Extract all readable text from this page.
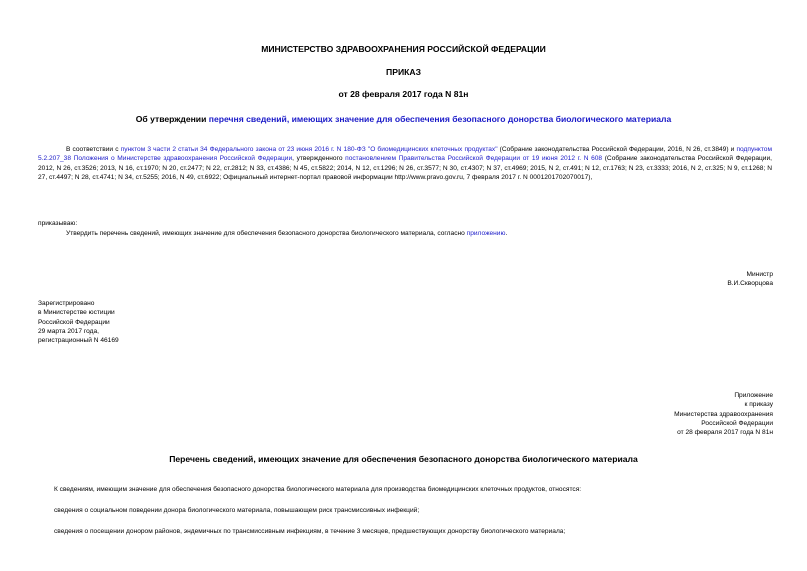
МИНИСТЕРСТВО ЗДРАВООХРАНЕНИЯ РОССИЙСКОЙ ФЕДЕРАЦИИ
ПРИКАЗ
от 28 февраля 2017 года N 81н
Об утверждении перечня сведений, имеющих значение для обеспечения безопасного донорства биологического материала
В соответствии с пунктом 3 части 2 статьи 34 Федерального закона от 23 июня 2016 г. N 180-ФЗ "О биомедицинских клеточных продуктах" (Собрание законодательства Российской Федерации, 2016, N 26, ст.3849) и подпунктом 5.2.207_38 Положения о Министерстве здравоохранения Российской Федерации, утвержденного постановлением Правительства Российской Федерации от 19 июня 2012 г. N 608 (Собрание законодательства Российской Федерации, 2012, N 26, ст.3526; 2013, N 16, ст.1970; N 20, ст.2477; N 22, ст.2812; N 33, ст.4386; N 45, ст.5822; 2014, N 12, ст.1296; N 26, ст.3577; N 30, ст.4307; N 37, ст.4969; 2015, N 2, ст.491; N 12, ст.1763; N 23, ст.3333; 2016, N 2, ст.325; N 9, ст.1268; N 27, ст.4497; N 28, ст.4741; N 34, ст.5255; 2016, N 49, ст.6922; Официальный интернет-портал правовой информации http://www.pravo.gov.ru, 7 февраля 2017 г. N 0001201702070017),
приказываю:
Утвердить перечень сведений, имеющих значение для обеспечения безопасного донорства биологического материала, согласно приложению.
Министр
В.И.Скворцова
Зарегистрировано
в Министерстве юстиции
Российской Федерации
29 марта 2017 года,
регистрационный N 46169
Приложение
к приказу
Министерства здравоохранения
Российской Федерации
от 28 февраля 2017 года N 81н
Перечень сведений, имеющих значение для обеспечения безопасного донорства биологического материала
К сведениям, имеющим значение для обеспечения безопасного донорства биологического материала для производства биомедицинских клеточных продуктов, относятся:
сведения о социальном поведении донора биологического материала, повышающем риск трансмиссивных инфекций;
сведения о посещении донором районов, эндемичных по трансмиссивным инфекциям, в течение 3 месяцев, предшествующих донорству биологического материала;
